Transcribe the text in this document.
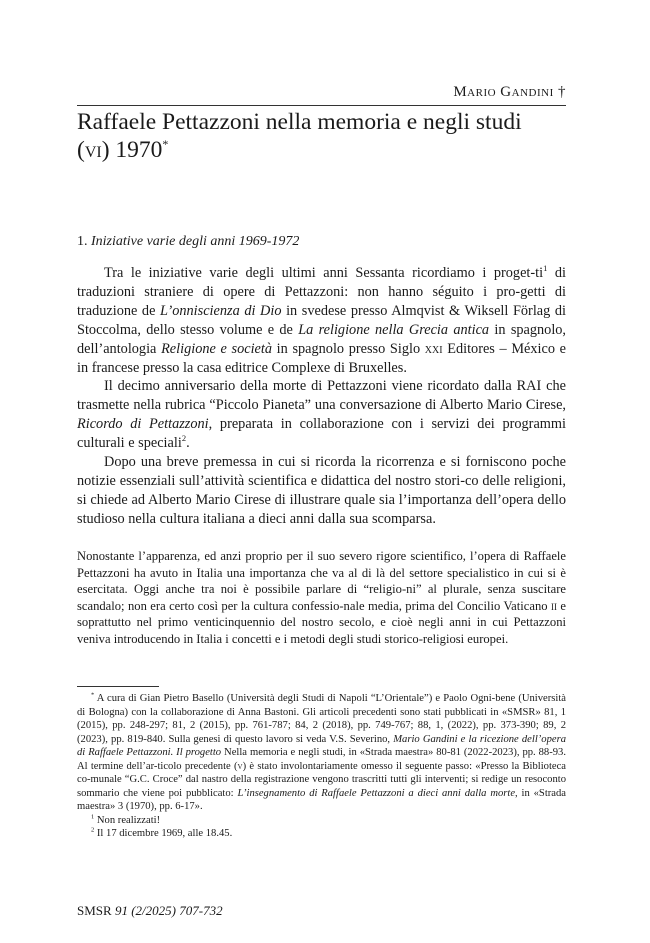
Mario Gandini †
Raffaele Pettazzoni nella memoria e negli studi
(vi) 1970*
1. Iniziative varie degli anni 1969-1972

Tra le iniziative varie degli ultimi anni Sessanta ricordiamo i proget-$ti^1$ di traduzioni straniere di opere di Pettazzoni: non hanno séguito i pro-getti di traduzione de L’onniscienza di Dio in svedese presso Almqvist & Wiksell Förlag di Stoccolma, dello stesso volume e de La religione nella Grecia antica in spagnolo, dell’antologia Religione e società in spagnolo presso Siglo xxi Editores – México e in francese presso la casa editrice Complexe di Bruxelles.

Il decimo anniversario della morte di Pettazzoni viene ricordato dalla RAI che trasmette nella rubrica “Piccolo Pianeta” una conversazione di Alberto Mario Cirese, Ricordo di Pettazzoni, preparata in collaborazione con i servizi dei programmi culturali e speciali$^2$.

Dopo una breve premessa in cui si ricorda la ricorrenza e si forniscono poche notizie essenziali sull’attività scientifica e didattica del nostro stori-co delle religioni, si chiede ad Alberto Mario Cirese di illustrare quale sia l’importanza dell’opera dello studioso nella cultura italiana a dieci anni dalla sua scomparsa.

Nonostante l’apparenza, ed anzi proprio per il suo severo rigore scientifico, l’opera di Raffaele Pettazzoni ha avuto in Italia una importanza che va al di là del settore specialistico in cui si è esercitata. Oggi anche tra noi è possibile parlare di “religio-ni” al plurale, senza suscitare scandalo; non era certo così per la cultura confessio-nale media, prima del Concilio Vaticano ii e soprattutto nel primo venticinquennio del nostro secolo, e cioè negli anni in cui Pettazzoni veniva introducendo in Italia i concetti e i metodi degli studi storico-religiosi europei.

* A cura di Gian Pietro Basello (Università degli Studi di Napoli “L’Orientale”) e Paolo Ogni-bene (Università di Bologna) con la collaborazione di Anna Bastoni. Gli articoli precedenti sono stati pubblicati in «SMSR» 81, 1 (2015), pp. 248-297; 81, 2 (2015), pp. 761-787; 84, 2 (2018), pp. 749-767; 88, 1, (2022), pp. 373-390; 89, 2 (2023), pp. 819-840. Sulla genesi di questo lavoro si veda V.S. Severino, Mario Gandini e la ricezione dell’opera di Raffaele Pettazzoni. Il progetto Nella memoria e negli studi, in «Strada maestra» 80-81 (2022-2023), pp. 88-93. Al termine dell’ar-ticolo precedente (v) è stato involontariamente omesso il seguente passo: «Presso la Biblioteca co-munale “G.C. Croce” dal nastro della registrazione vengono trascritti tutti gli interventi; si redige un resoconto sommario che viene poi pubblicato: L’insegnamento di Raffaele Pettazzoni a dieci anni dalla morte, in «Strada maestra» 3 (1970), pp. 6-17».

$^1$ Non realizzati!

$^2$ Il 17 dicembre 1969, alle 18.45.

SMSR 91 (2/2025) 707-732
